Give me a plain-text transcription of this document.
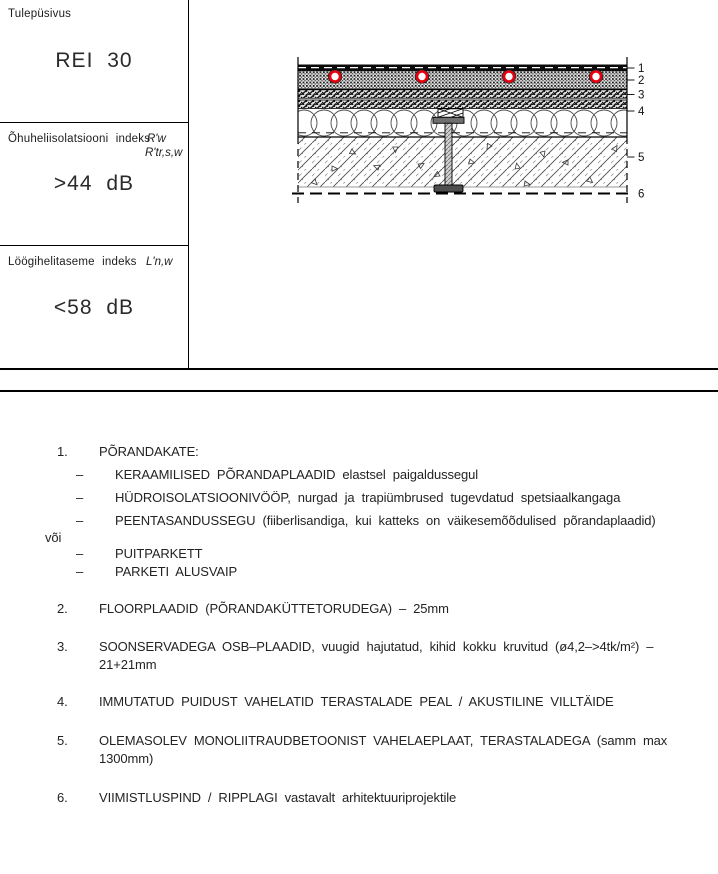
Tulepüsivus
REI 30
Õhuheliisolatsiooni indeks
R'w
R'tr,s,w
>44 dB
Löögihelitaseme indeks L'n,w
<58 dB
1
2
3
4
5
6
1. PÕRANDAKATE:
– KERAAMILISED PÕRANDAPLAADID elastsel paigaldussegul
– HÜDROISOLATSIOONIVÖÖP, nurgad ja trapiümbrused tugevdatud spetsiaalkangaga
– PEENTASANDUSSEGU (fiiberlisandiga, kui katteks on väikesemõõdulised põrandaplaadid)
või
– PUITPARKETT
– PARKETI ALUSVAIP
2. FLOORPLAADID (PÕRANDAKÜTTETORUDEGA) – 25mm
3. SOONSERVADEGA OSB–PLAADID, vuugid hajutatud, kihid kokku kruvitud (ø4,2–>4tk/m²) –
21+21mm
4. IMMUTATUD PUIDUST VAHELATID TERASTALADE PEAL / AKUSTILINE VILLTÄIDE
5. OLEMASOLEV MONOLIITRAUDBETOONIST VAHELAEPLAAT, TERASTALADEGA (samm max
1300mm)
6. VIIMISTLUSPIND / RIPPLAGI vastavalt arhitektuuriprojektile
